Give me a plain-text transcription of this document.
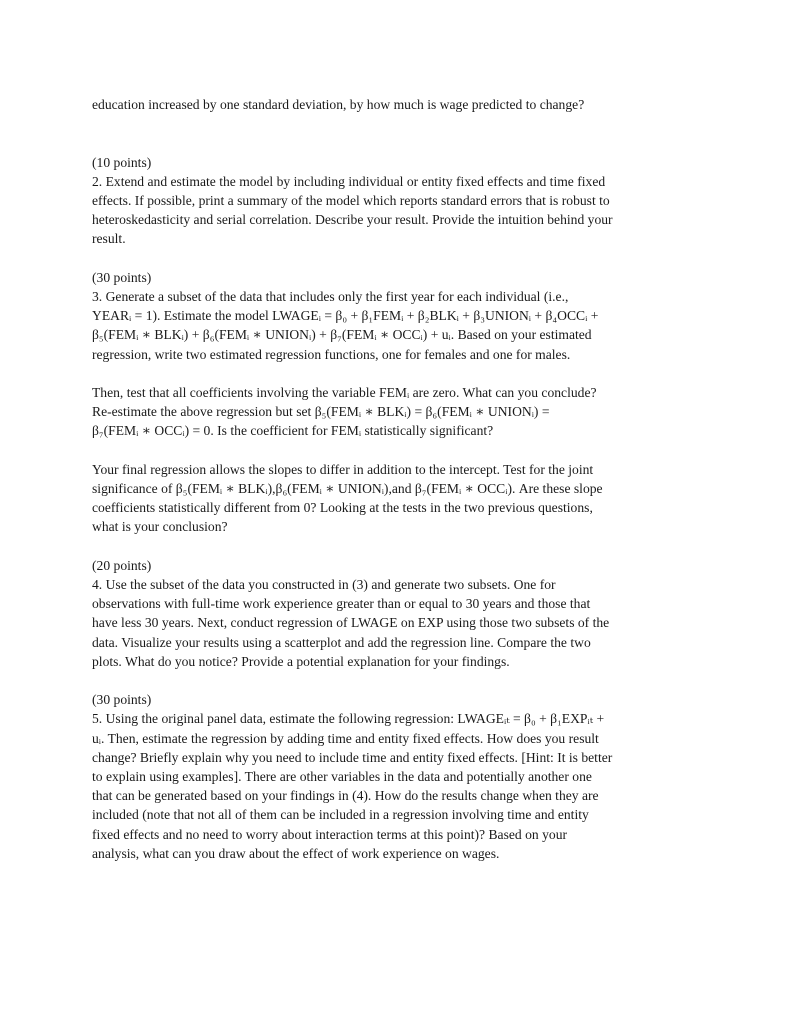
education increased by one standard deviation, by how much is wage predicted to change?
(10 points)
2. Extend and estimate the model by including individual or entity fixed effects and time fixed
effects. If possible, print a summary of the model which reports standard errors that is robust to
heteroskedasticity and serial correlation. Describe your result. Provide the intuition behind your
result.
(30 points)
3. Generate a subset of the data that includes only the first year for each individual (i.e.,
YEARᵢ = 1). Estimate the model LWAGEᵢ = β₀ + β₁FEMᵢ + β₂BLKᵢ + β₃UNIONᵢ + β₄OCCᵢ +
β₅(FEMᵢ ∗ BLKᵢ) + β₆(FEMᵢ ∗ UNIONᵢ) + β₇(FEMᵢ ∗ OCCᵢ) + uᵢ. Based on your estimated
regression, write two estimated regression functions, one for females and one for males.
Then, test that all coefficients involving the variable FEMᵢ are zero. What can you conclude?
Re-estimate the above regression but set β₅(FEMᵢ ∗ BLKᵢ) = β₆(FEMᵢ ∗ UNIONᵢ) =
β₇(FEMᵢ ∗ OCCᵢ) = 0. Is the coefficient for FEMᵢ statistically significant?
Your final regression allows the slopes to differ in addition to the intercept. Test for the joint
significance of β₅(FEMᵢ ∗ BLKᵢ),β₆(FEMᵢ ∗ UNIONᵢ),and β₇(FEMᵢ ∗ OCCᵢ). Are these slope
coefficients statistically different from 0? Looking at the tests in the two previous questions,
what is your conclusion?
(20 points)
4. Use the subset of the data you constructed in (3) and generate two subsets. One for
observations with full-time work experience greater than or equal to 30 years and those that
have less 30 years. Next, conduct regression of LWAGE on EXP using those two subsets of the
data. Visualize your results using a scatterplot and add the regression line. Compare the two
plots. What do you notice? Provide a potential explanation for your findings.
(30 points)
5. Using the original panel data, estimate the following regression: LWAGEᵢₜ = β₀ + β₁EXPᵢₜ +
uᵢ. Then, estimate the regression by adding time and entity fixed effects. How does you result
change? Briefly explain why you need to include time and entity fixed effects. [Hint: It is better
to explain using examples]. There are other variables in the data and potentially another one
that can be generated based on your findings in (4). How do the results change when they are
included (note that not all of them can be included in a regression involving time and entity
fixed effects and no need to worry about interaction terms at this point)? Based on your
analysis, what can you draw about the effect of work experience on wages.
